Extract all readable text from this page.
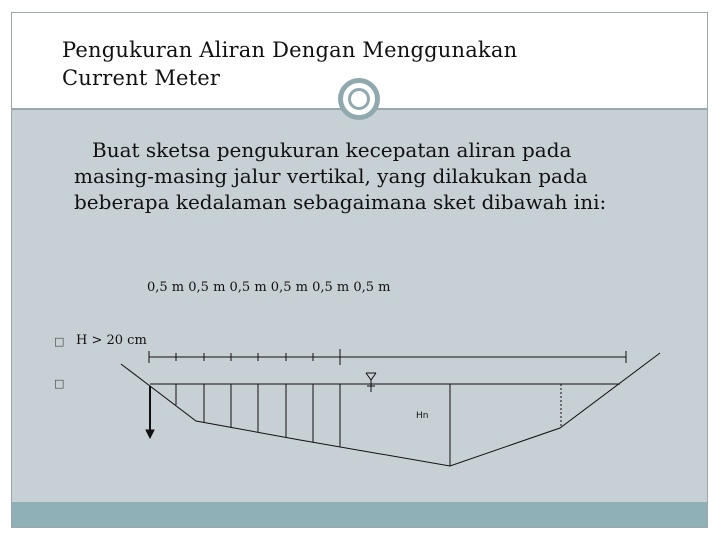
Pengukuran Aliran Dengan Menggunakan
Current Meter
Buat sketsa pengukuran kecepatan aliran pada
masing-masing jalur vertikal, yang dilakukan pada
beberapa kedalaman sebagaimana sket dibawah ini:
0,5 m 0,5 m 0,5 m 0,5 m 0,5 m 0,5 m
□ H > 20 cm
□
Hn
